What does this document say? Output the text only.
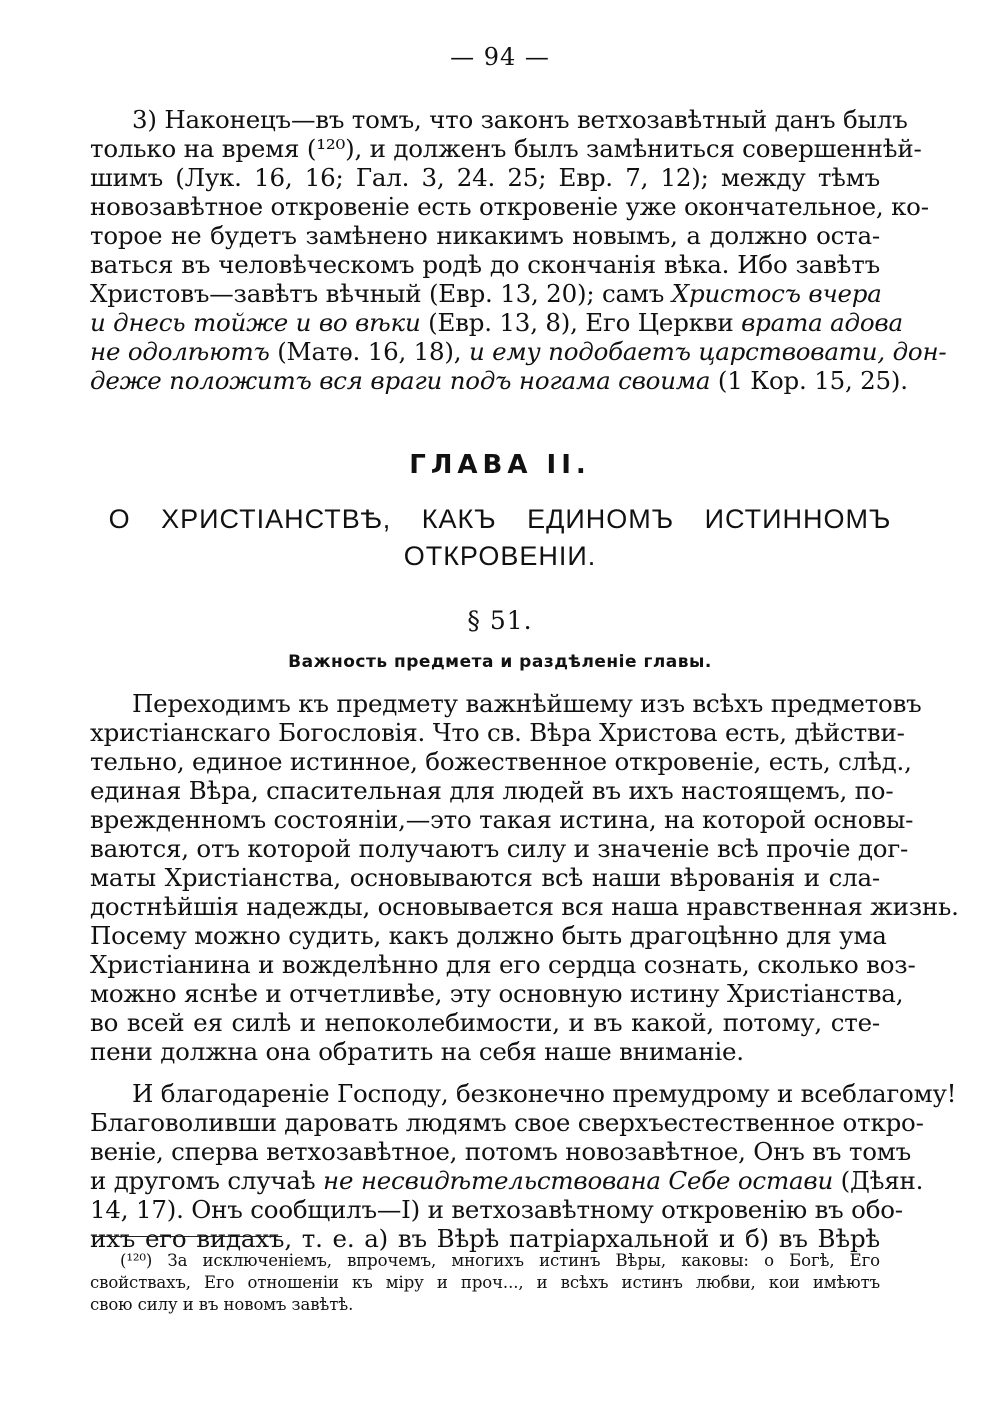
— 94 —
3) Наконецъ—въ томъ, что законъ ветхозавѣтный данъ былъ
только на время (¹²⁰), и долженъ былъ замѣниться совершеннѣй-
шимъ (Лук. 16, 16; Гал. 3, 24. 25; Евр. 7, 12); между тѣмъ
новозавѣтное откровеніе есть откровеніе уже окончательное, ко-
торое не будетъ замѣнено никакимъ новымъ, а должно оста-
ваться въ человѣческомъ родѣ до скончанія вѣка. Ибо завѣтъ
Христовъ—завѣтъ вѣчный (Евр. 13, 20); самъ Христосъ вчера
и днесь тойже и во вѣки (Евр. 13, 8), Его Церкви врата адова
не одолѣютъ (Матѳ. 16, 18), и ему подобаетъ царствовати, дон-
деже положитъ вся враги подъ ногама своима (1 Кор. 15, 25).
ГЛАВА II.
О ХРИСТІАНСТВѢ, КАКЪ ЕДИНОМЪ ИСТИННОМЪ
ОТКРОВЕНІИ.
§ 51.
Важность предмета и раздѣленіе главы.
Переходимъ къ предмету важнѣйшему изъ всѣхъ предметовъ
христіанскаго Богословія. Что св. Вѣра Христова есть, дѣйстви-
тельно, единое истинное, божественное откровеніе, есть, слѣд.,
единая Вѣра, спасительная для людей въ ихъ настоящемъ, по-
врежденномъ состояніи,—это такая истина, на которой основы-
ваются, отъ которой получаютъ силу и значеніе всѣ прочіе дог-
маты Христіанства, основываются всѣ наши вѣрованія и сла-
достнѣйшія надежды, основывается вся наша нравственная жизнь.
Посему можно судить, какъ должно быть драгоцѣнно для ума
Христіанина и вожделѣнно для его сердца сознать, сколько воз-
можно яснѣе и отчетливѣе, эту основную истину Христіанства,
во всей ея силѣ и непоколебимости, и въ какой, потому, сте-
пени должна она обратить на себя наше вниманіе.
И благодареніе Господу, безконечно премудрому и всеблагому!
Благоволивши даровать людямъ свое сверхъестественное откро-
веніе, сперва ветхозавѣтное, потомъ новозавѣтное, Онъ въ томъ
и другомъ случаѣ не несвидѣтельствована Себе остави (Дѣян.
14, 17). Онъ сообщилъ—I) и ветхозавѣтному откровенію въ обо-
ихъ его видахъ, т. е. а) въ Вѣрѣ патріархальной и б) въ Вѣрѣ
(¹²⁰) За исключеніемъ, впрочемъ, многихъ истинъ Вѣры, каковы: о Богѣ, Его
свойствахъ, Его отношеніи къ міру и проч..., и всѣхъ истинъ любви, кои имѣютъ
свою силу и въ новомъ завѣтѣ.
